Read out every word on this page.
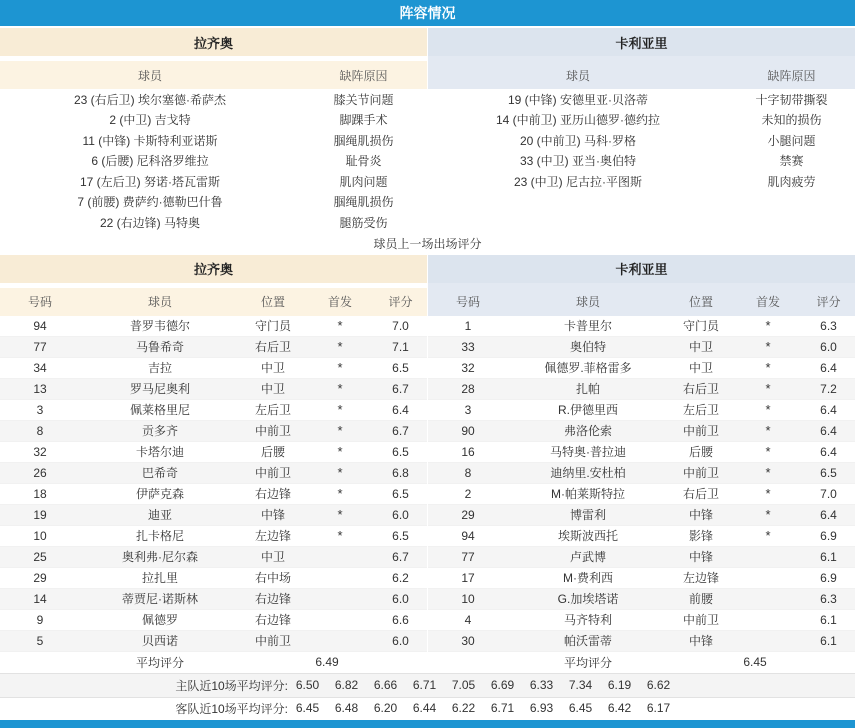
阵容情况
拉齐奥
球员	缺阵原因
23 (右后卫) 埃尔塞德·希萨杰	膝关节问题
2 (中卫) 吉戈特	脚踝手术
11 (中锋) 卡斯特利亚诺斯	腘绳肌损伤
6 (后腰) 尼科洛罗维拉	耻骨炎
17 (左后卫) 努诺·塔瓦雷斯	肌肉问题
7 (前腰) 费萨约·德勒巴什鲁	腘绳肌损伤
22 (右边锋) 马特奥	腿筋受伤
卡利亚里
球员	缺阵原因
19 (中锋) 安德里亚·贝洛蒂	十字韧带撕裂
14 (中前卫) 亚历山德罗·德约拉	未知的损伤
20 (中前卫) 马科·罗格	小腿问题
33 (中卫) 亚当·奥伯特	禁赛
23 (中卫) 尼古拉·平图斯	肌肉疲劳
球员上一场出场评分
拉齐奥
号码	球员	位置	首发	评分
94	普罗韦德尔	守门员	*	7.0
77	马鲁希奇	右后卫	*	7.1
34	吉拉	中卫	*	6.5
13	罗马尼奥利	中卫	*	6.7
3	佩莱格里尼	左后卫	*	6.4
8	贡多齐	中前卫	*	6.7
32	卡塔尔迪	后腰	*	6.5
26	巴希奇	中前卫	*	6.8
18	伊萨克森	右边锋	*	6.5
19	迪亚	中锋	*	6.0
10	扎卡格尼	左边锋	*	6.5
25	奥利弗·尼尔森	中卫	6.7
29	拉扎里	右中场	6.2
14	蒂贾尼·诺斯林	右边锋	6.0
9	佩德罗	右边锋	6.6
5	贝西诺	中前卫	6.0
平均评分	6.49
卡利亚里
号码	球员	位置	首发	评分
1	卡普里尔	守门员	*	6.3
33	奥伯特	中卫	*	6.0
32	佩德罗.菲格雷多	中卫	*	6.4
28	扎帕	右后卫	*	7.2
3	R.伊德里西	左后卫	*	6.4
90	弗洛伦索	中前卫	*	6.4
16	马特奥·普拉迪	后腰	*	6.4
8	迪纳里.安杜柏	中前卫	*	6.5
2	M·帕莱斯特拉	右后卫	*	7.0
29	博雷利	中锋	*	6.4
94	埃斯波西托	影锋	*	6.9
77	卢武博	中锋	6.1
17	M·费利西	左边锋	6.9
10	G.加埃塔诺	前腰	6.3
4	马齐特利	中前卫	6.1
30	帕沃雷蒂	中锋	6.1
平均评分	6.45
主队近10场平均评分: 6.50	6.82	6.66	6.71	7.05	6.69	6.33	7.34	6.19	6.62
客队近10场平均评分: 6.45	6.48	6.20	6.44	6.22	6.71	6.93	6.45	6.42	6.17
